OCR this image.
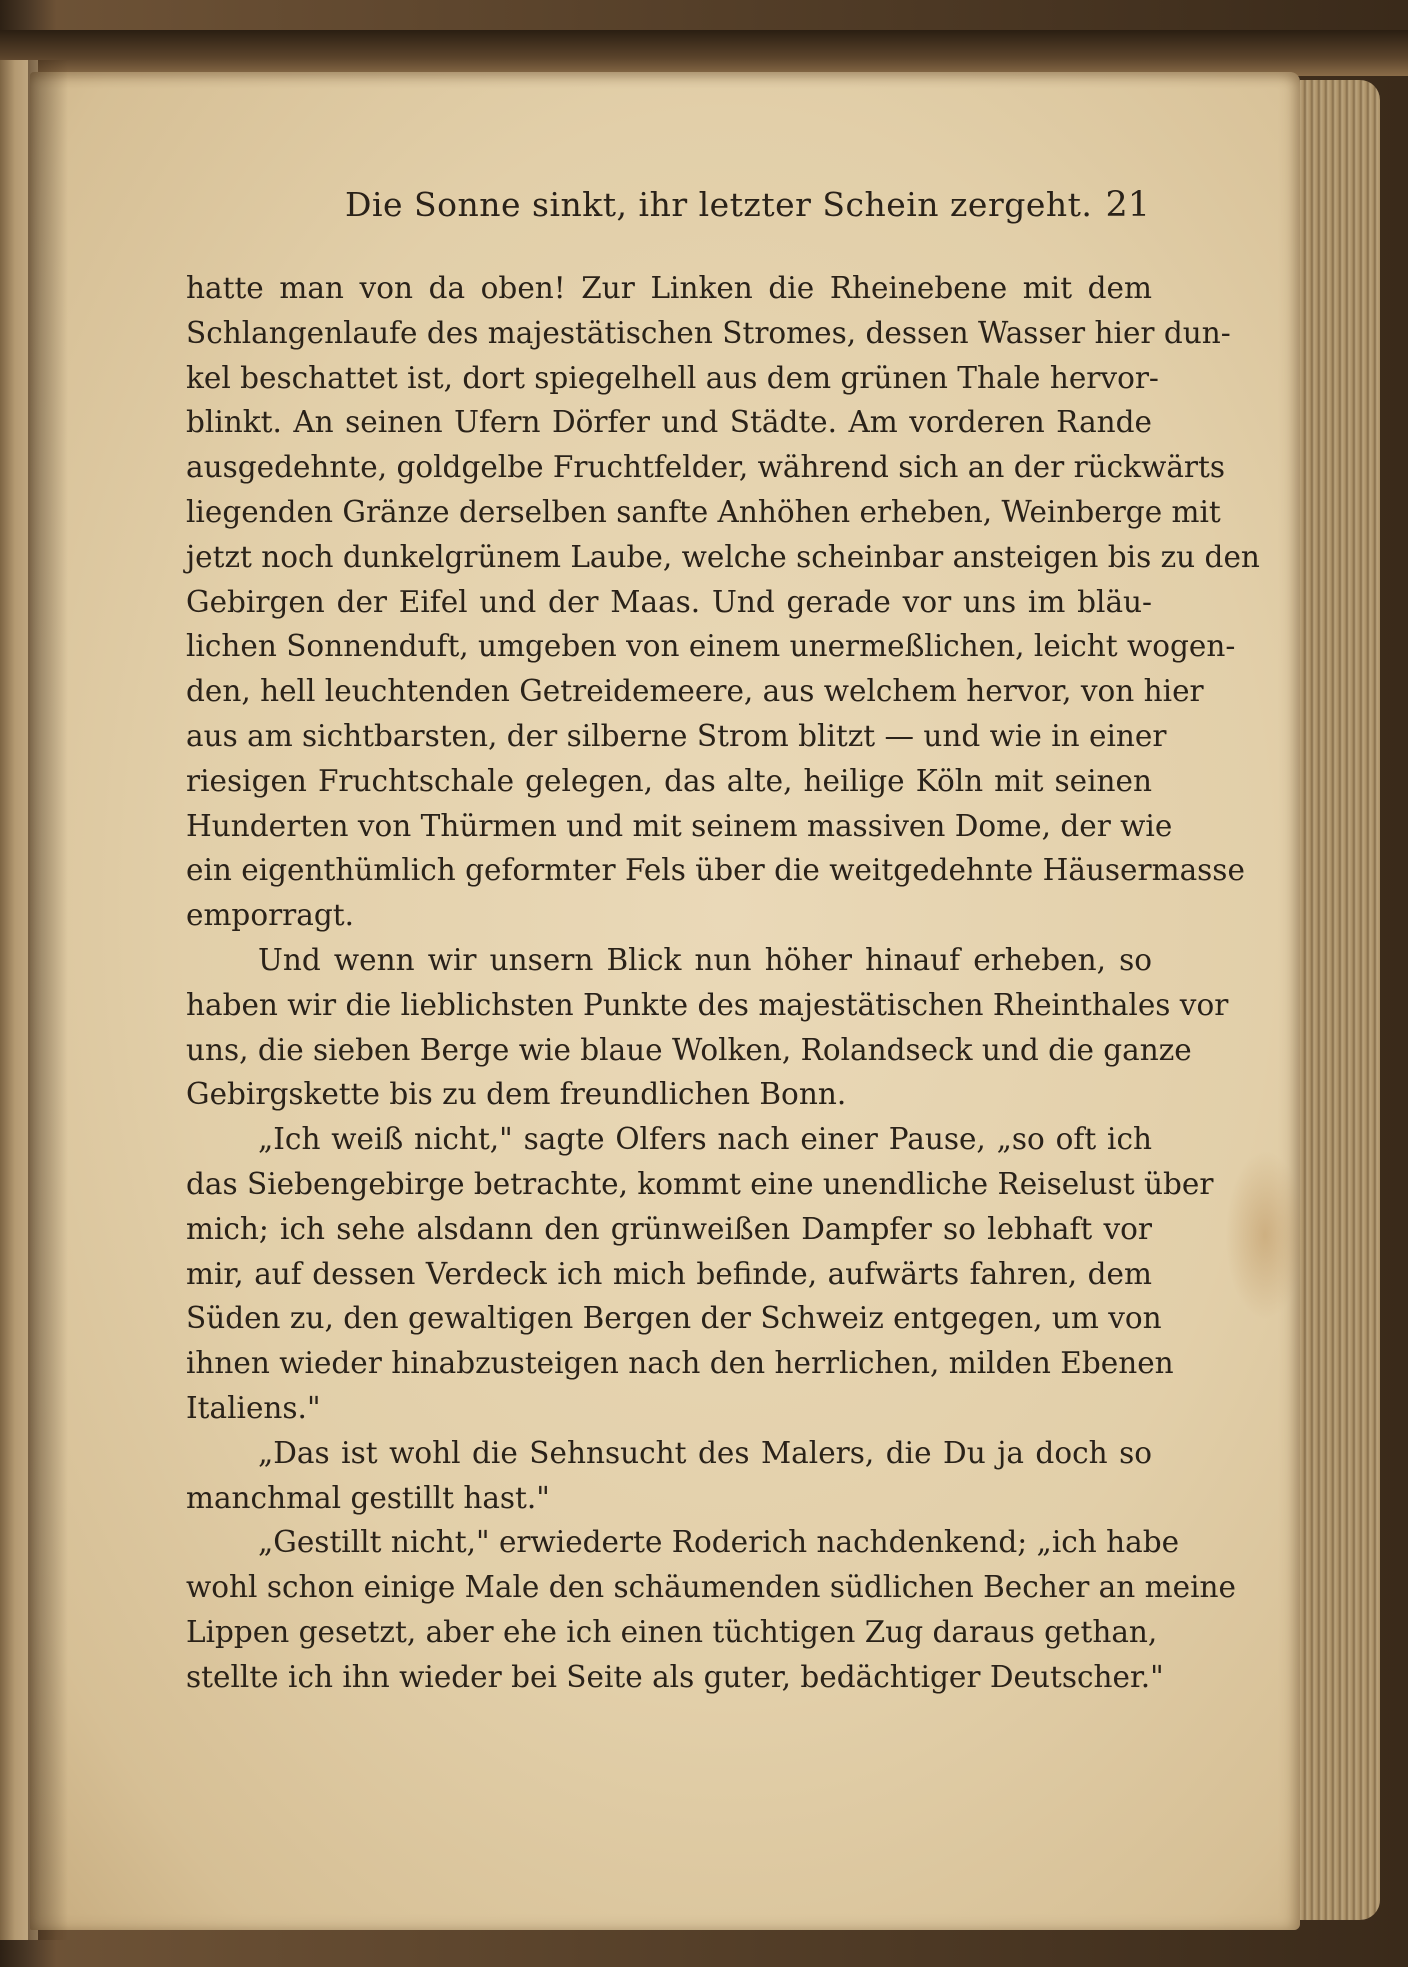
Die Sonne sinkt, ihr letzter Schein zergeht. 21
hatte man von da oben! Zur Linken die Rheinebene mit dem
Schlangenlaufe des majestätischen Stromes, dessen Wasser hier dun-
kel beschattet ist, dort spiegelhell aus dem grünen Thale hervor-
blinkt. An seinen Ufern Dörfer und Städte. Am vorderen Rande
ausgedehnte, goldgelbe Fruchtfelder, während sich an der rückwärts
liegenden Gränze derselben sanfte Anhöhen erheben, Weinberge mit
jetzt noch dunkelgrünem Laube, welche scheinbar ansteigen bis zu den
Gebirgen der Eifel und der Maas. Und gerade vor uns im bläu-
lichen Sonnenduft, umgeben von einem unermeßlichen, leicht wogen-
den, hell leuchtenden Getreidemeere, aus welchem hervor, von hier
aus am sichtbarsten, der silberne Strom blitzt — und wie in einer
riesigen Fruchtschale gelegen, das alte, heilige Köln mit seinen
Hunderten von Thürmen und mit seinem massiven Dome, der wie
ein eigenthümlich geformter Fels über die weitgedehnte Häusermasse
emporragt.
Und wenn wir unsern Blick nun höher hinauf erheben, so
haben wir die lieblichsten Punkte des majestätischen Rheinthales vor
uns, die sieben Berge wie blaue Wolken, Rolandseck und die ganze
Gebirgskette bis zu dem freundlichen Bonn.
„Ich weiß nicht," sagte Olfers nach einer Pause, „so oft ich
das Siebengebirge betrachte, kommt eine unendliche Reiselust über
mich; ich sehe alsdann den grünweißen Dampfer so lebhaft vor
mir, auf dessen Verdeck ich mich befinde, aufwärts fahren, dem
Süden zu, den gewaltigen Bergen der Schweiz entgegen, um von
ihnen wieder hinabzusteigen nach den herrlichen, milden Ebenen
Italiens."
„Das ist wohl die Sehnsucht des Malers, die Du ja doch so
manchmal gestillt hast."
„Gestillt nicht," erwiederte Roderich nachdenkend; „ich habe
wohl schon einige Male den schäumenden südlichen Becher an meine
Lippen gesetzt, aber ehe ich einen tüchtigen Zug daraus gethan,
stellte ich ihn wieder bei Seite als guter, bedächtiger Deutscher."
